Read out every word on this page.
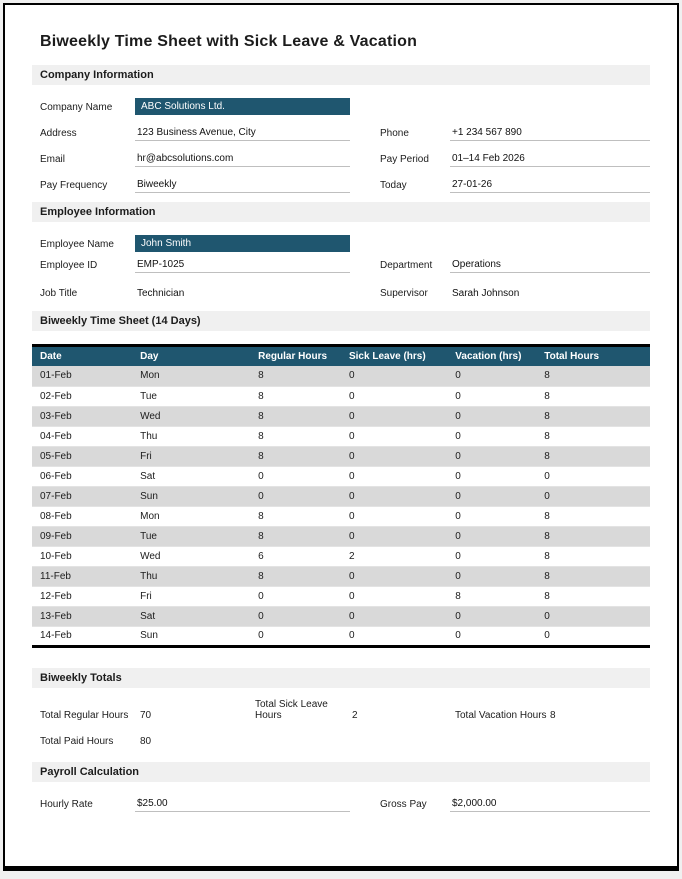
Biweekly Time Sheet with Sick Leave & Vacation
Company Information
Company Name	ABC Solutions Ltd.
Address	123 Business Avenue, City	Phone	+1 234 567 890
Email	hr@abcsolutions.com	Pay Period	01–14 Feb 2026
Pay Frequency	Biweekly	Today	27-01-26
Employee Information
Employee Name	John Smith
Employee ID	EMP-1025	Department	Operations
Job Title	Technician	Supervisor	Sarah Johnson
Biweekly Time Sheet (14 Days)
Date	Day	Regular Hours	Sick Leave (hrs)	Vacation (hrs)	Total Hours
01-Feb	Mon	8	0	0	8
02-Feb	Tue	8	0	0	8
03-Feb	Wed	8	0	0	8
04-Feb	Thu	8	0	0	8
05-Feb	Fri	8	0	0	8
06-Feb	Sat	0	0	0	0
07-Feb	Sun	0	0	0	0
08-Feb	Mon	8	0	0	8
09-Feb	Tue	8	0	0	8
10-Feb	Wed	6	2	0	8
11-Feb	Thu	8	0	0	8
12-Feb	Fri	0	0	8	8
13-Feb	Sat	0	0	0	0
14-Feb	Sun	0	0	0	0
Biweekly Totals
Total Regular Hours	70
Total Sick Leave Hours	2	Total Vacation Hours 8
Total Paid Hours	80
Payroll Calculation
Hourly Rate	$25.00	Gross Pay	$2,000.00
